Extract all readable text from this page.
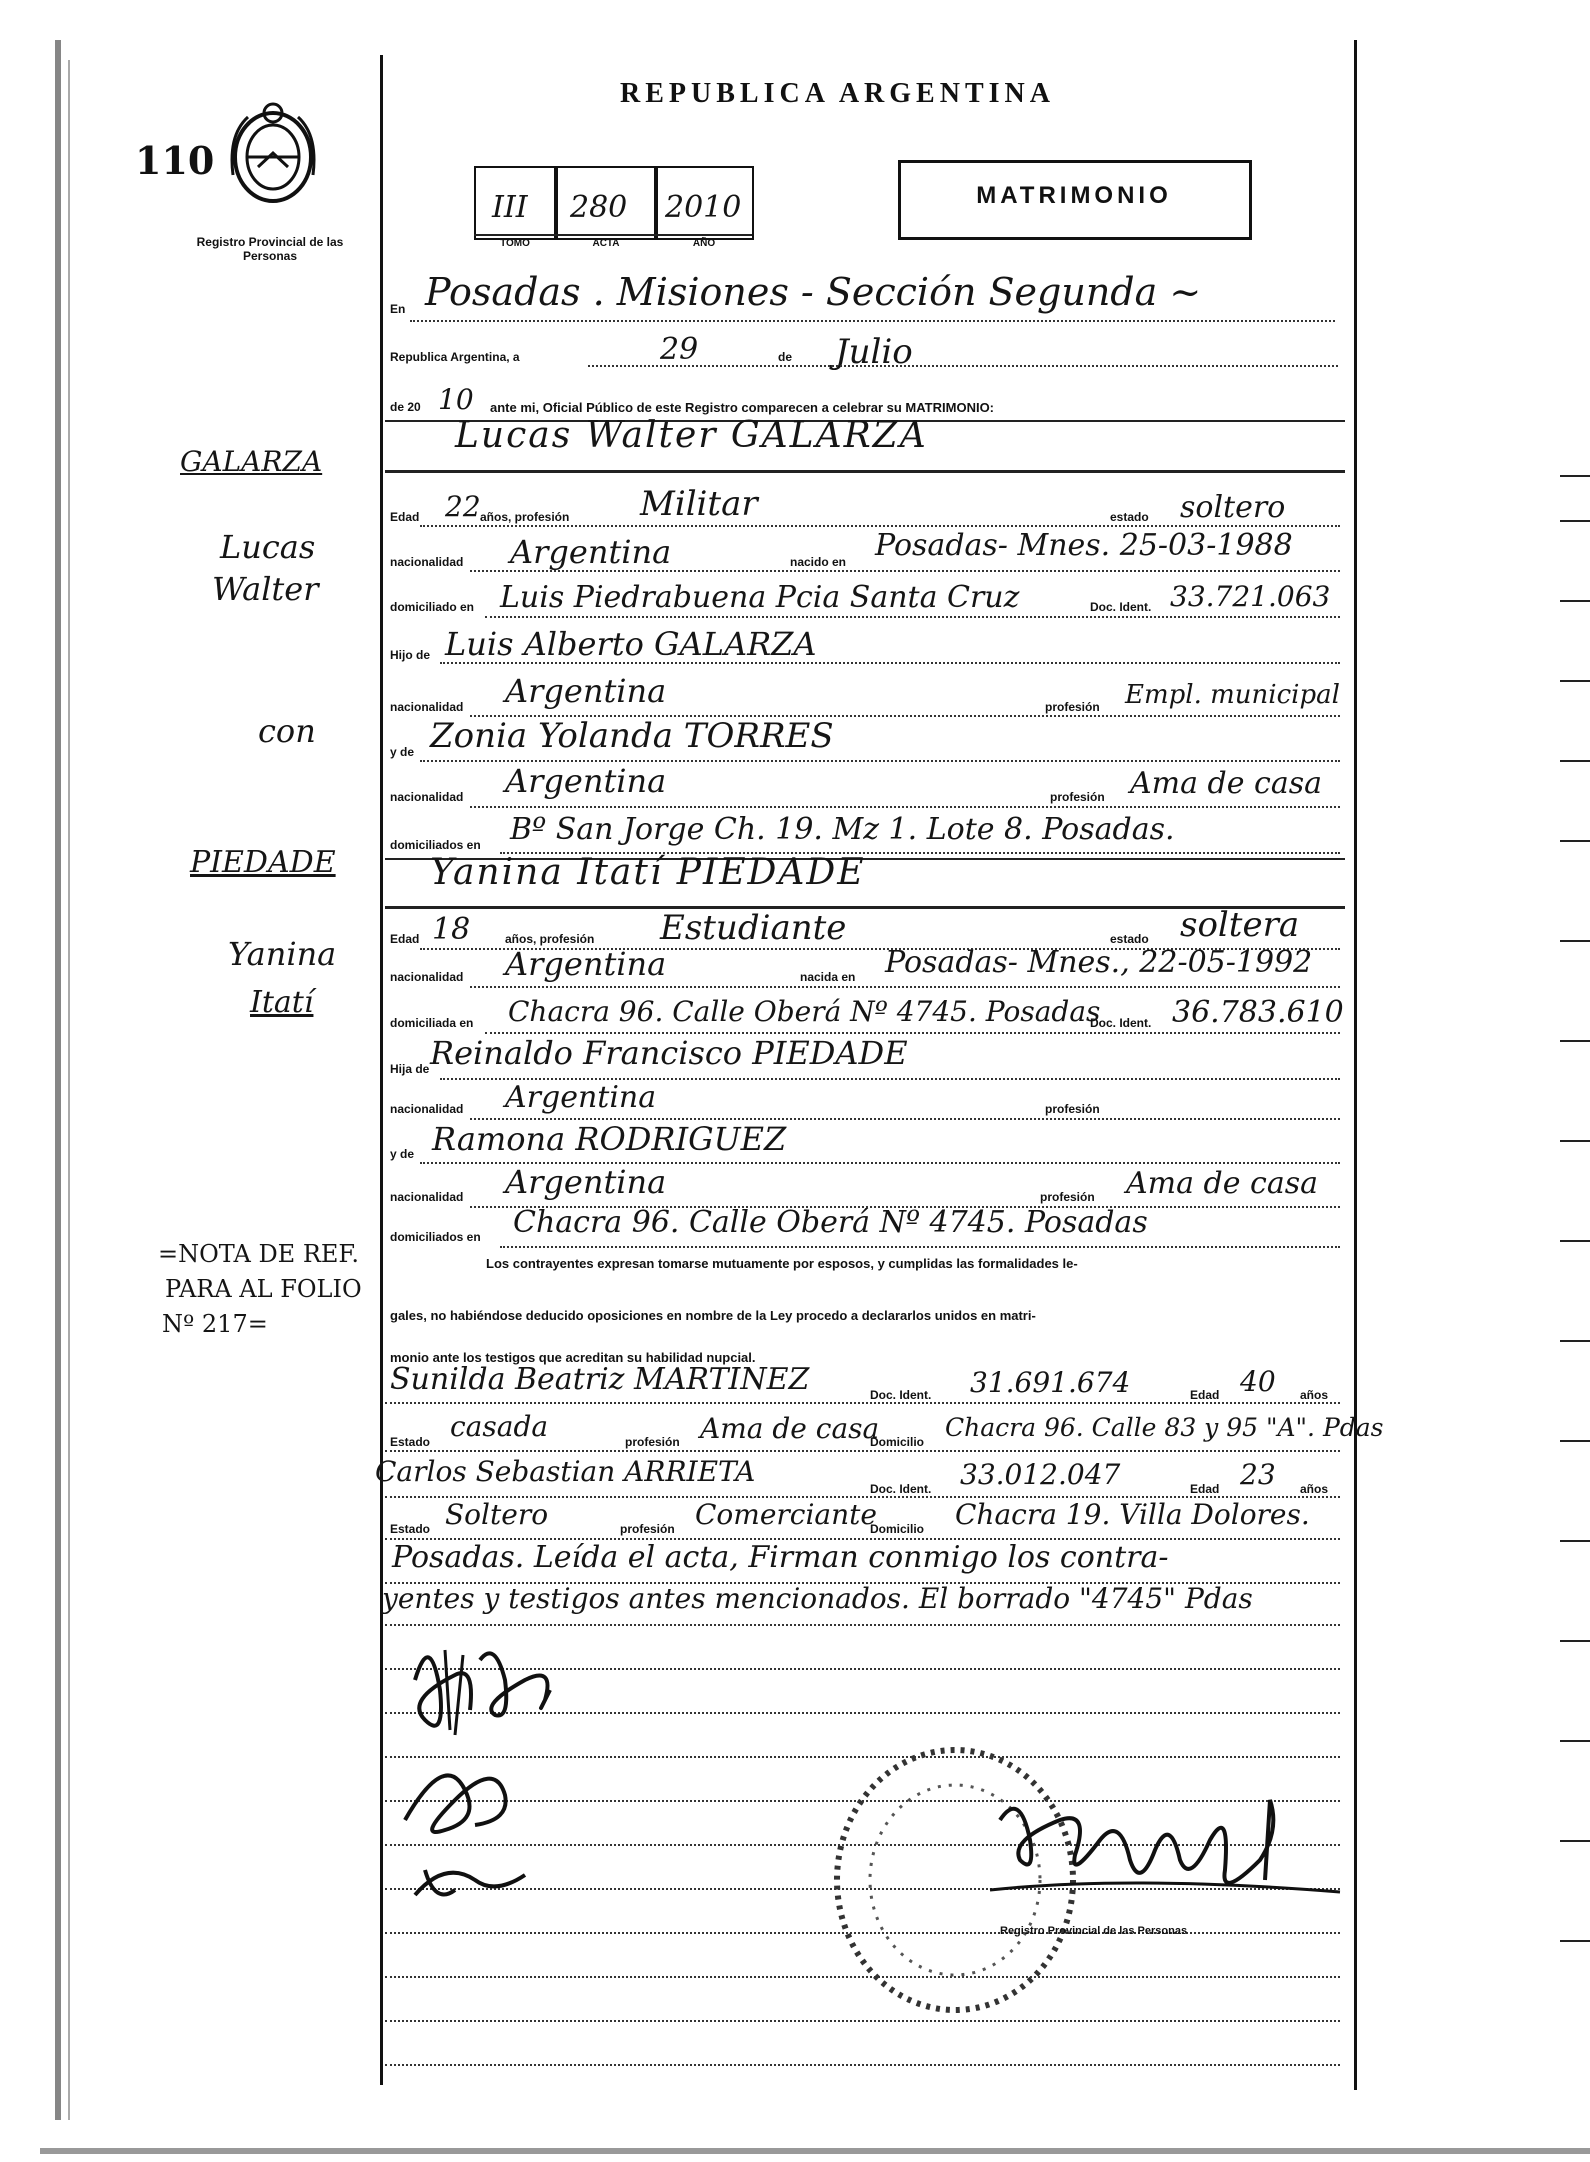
110
Registro Provincial de las Personas
REPUBLICA ARGENTINA
III 280 2010
TOMO	ACTA	AÑO
MATRIMONIO
En Posadas . Misiones - Sección Segunda ~
Republica Argentina, a	29	de Julio
de 20 10 ante mi, Oficial Público de este Registro comparecen a celebrar su MATRIMONIO:
GALARZA
Lucas
Walter
con
PIEDADE
Yanina
Itatí
=NOTA DE REF.
PARA AL FOLIO
Nº 217=
Lucas Walter GALARZA
Edad 22 años, profesión Militar	estado soltero
nacionalidad Argentina	nacido en Posadas- Mnes. 25-03-1988
domiciliado en Luis Piedrabuena Pcia Santa Cruz	Doc. Ident. 33.721.063
Hijo de Luis Alberto GALARZA
nacionalidad Argentina	profesión Empl. municipal
y de Zonia Yolanda TORRES
nacionalidad Argentina	profesión Ama de casa
domiciliados en Bº San Jorge Ch. 19. Mz 1. Lote 8. Posadas.
Yanina Itatí PIEDADE
Edad 18	años, profesión Estudiante	estado soltera
nacionalidad Argentina	nacida en Posadas- Mnes., 22-05-1992
domiciliada en Chacra 96. Calle Oberá Nº 4745. Posadas
Doc. Ident. 36.783.610
Hija de Reinaldo Francisco PIEDADE
nacionalidad Argentina	profesión
y de Ramona RODRIGUEZ
nacionalidad Argentina	profesión Ama de casa
domiciliados en Chacra 96. Calle Oberá Nº 4745. Posadas
Los contrayentes expresan tomarse mutuamente por esposos, y cumplidas las formalidades le-
gales, no habiéndose deducido oposiciones en nombre de la Ley procedo a declararlos unidos en matri-
monio ante los testigos que acreditan su habilidad nupcial.
Sunilda Beatriz MARTINEZ	Doc. Ident. 31.691.674	Edad 40 años
Estado casada	profesión Ama de casa
Domicilio Chacra 96. Calle 83 y 95 "A". Pdas
Carlos Sebastian ARRIETA
Doc. Ident. 33.012.047	Edad 23 años
Estado Soltero	profesión Comerciante
Domicilio Chacra 19. Villa Dolores.
Posadas. Leída el acta, Firman conmigo los contra-
yentes y testigos antes mencionados. El borrado "4745" Pdas
Registro Provincial de las Personas
